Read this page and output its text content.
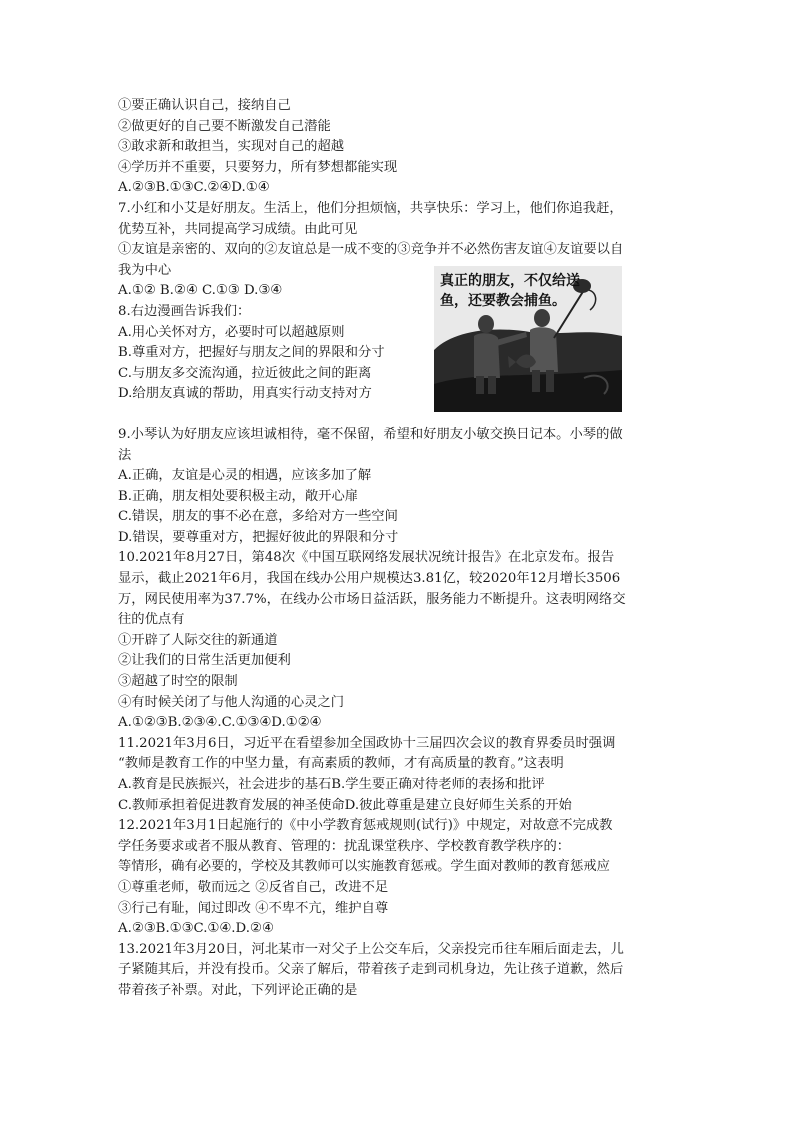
①要正确认识自己，接纳自己
②做更好的自己要不断激发自己潜能
③敢求新和敢担当，实现对自己的超越
④学历并不重要，只要努力，所有梦想都能实现
A.②③B.①③C.②④D.①④
7.小红和小艾是好朋友。生活上，他们分担烦恼，共享快乐：学习上，他们你追我赶，
优势互补，共同提高学习成绩。由此可见
①友谊是亲密的、双向的②友谊总是一成不变的③竞争并不必然伤害友谊④友谊要以自
我为中心
A.①② B.②④ C.①③ D.③④
8.右边漫画告诉我们：
A.用心关怀对方，必要时可以超越原则
B.尊重对方，把握好与朋友之间的界限和分寸
C.与朋友多交流沟通，拉近彼此之间的距离
D.给朋友真诚的帮助，用真实行动支持对方
9.小琴认为好朋友应该坦诚相待，毫不保留，希望和好朋友小敏交换日记本。小琴的做
法
A.正确，友谊是心灵的相遇，应该多加了解
B.正确，朋友相处要积极主动，敞开心扉
C.错误，朋友的事不必在意，多给对方一些空间
D.错误，要尊重对方，把握好彼此的界限和分寸
10.2021年8月27日，第48次《中国互联网络发展状况统计报告》在北京发布。报告
显示，截止2021年6月，我国在线办公用户规模达3.81亿，较2020年12月增长3506
万，网民使用率为37.7%，在线办公市场日益活跃，服务能力不断提升。这表明网络交
往的优点有
①开辟了人际交往的新通道
②让我们的日常生活更加便利
③超越了时空的限制
④有时候关闭了与他人沟通的心灵之门
A.①②③B.②③④.C.①③④D.①②④
11.2021年3月6日，习近平在看望参加全国政协十三届四次会议的教育界委员时强调
“教师是教育工作的中坚力量，有高素质的教师，才有高质量的教育。”这表明
A.教育是民族振兴，社会进步的基石B.学生要正确对待老师的表扬和批评
C.教师承担着促进教育发展的神圣使命D.彼此尊重是建立良好师生关系的开始
12.2021年3月1日起施行的《中小学教育惩戒规则(试行)》中规定，对故意不完成教
学任务要求或者不服从教育、管理的：扰乱课堂秩序、学校教育教学秩序的：
等情形，确有必要的，学校及其教师可以实施教育惩戒。学生面对教师的教育惩戒应
①尊重老师，敬而远之 ②反省自己，改进不足
③行己有耻，闻过即改 ④不卑不亢，维护自尊
A.②③B.①③C.①④.D.②④
13.2021年3月20日，河北某市一对父子上公交车后，父亲投完币往车厢后面走去，儿
子紧随其后，并没有投币。父亲了解后，带着孩子走到司机身边，先让孩子道歉，然后
带着孩子补票。对此，下列评论正确的是
真正的朋友，不仅给送
鱼，还要教会捕鱼。
